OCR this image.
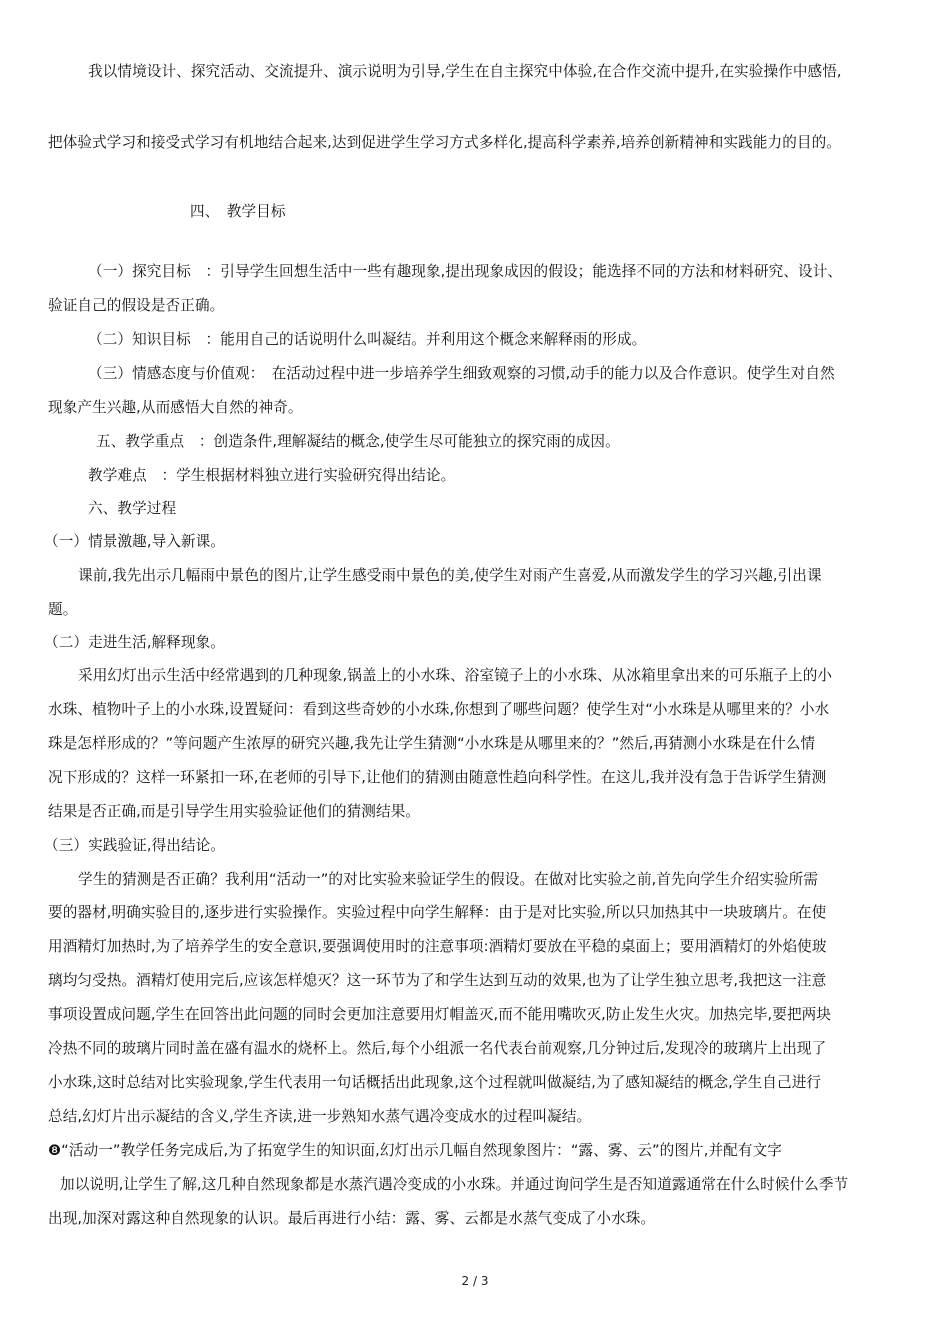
我以情境设计、探究活动、交流提升、演示说明为引导,学生在自主探究中体验,在合作交流中提升,在实验操作中感悟,
把体验式学习和接受式学习有机地结合起来,达到促进学生学习方式多样化,提高科学素养,培养创新精神和实践能力的目的。
四、　教学目标
（一）探究目标　：引导学生回想生活中一些有趣现象,提出现象成因的假设；能选择不同的方法和材料研究、设计、
验证自己的假设是否正确。
（二）知识目标　：能用自己的话说明什么叫凝结。并利用这个概念来解释雨的形成。
（三）情感态度与价值观：　在活动过程中进一步培养学生细致观察的习惯,动手的能力以及合作意识。使学生对自然
现象产生兴趣,从而感悟大自然的神奇。
五、教学重点　：创造条件,理解凝结的概念,使学生尽可能独立的探究雨的成因。
教学难点　：学生根据材料独立进行实验研究得出结论。
六、教学过程
（一）情景激趣,导入新课。
课前,我先出示几幅雨中景色的图片,让学生感受雨中景色的美,使学生对雨产生喜爱,从而激发学生的学习兴趣,引出课
题。
（二）走进生活,解释现象。
采用幻灯出示生活中经常遇到的几种现象,锅盖上的小水珠、浴室镜子上的小水珠、从冰箱里拿出来的可乐瓶子上的小
水珠、植物叶子上的小水珠,设置疑问：看到这些奇妙的小水珠,你想到了哪些问题？使学生对“小水珠是从哪里来的？小水
珠是怎样形成的？”等问题产生浓厚的研究兴趣,我先让学生猜测“小水珠是从哪里来的？”然后,再猜测小水珠是在什么情
况下形成的？这样一环紧扣一环,在老师的引导下,让他们的猜测由随意性趋向科学性。在这儿,我并没有急于告诉学生猜测
结果是否正确,而是引导学生用实验验证他们的猜测结果。
（三）实践验证,得出结论。
学生的猜测是否正确？我利用“活动一”的对比实验来验证学生的假设。在做对比实验之前,首先向学生介绍实验所需
要的器材,明确实验目的,逐步进行实验操作。实验过程中向学生解释：由于是对比实验,所以只加热其中一块玻璃片。在使
用酒精灯加热时,为了培养学生的安全意识,要强调使用时的注意事项:酒精灯要放在平稳的桌面上；要用酒精灯的外焰使玻
璃均匀受热。酒精灯使用完后,应该怎样熄灭？这一环节为了和学生达到互动的效果,也为了让学生独立思考,我把这一注意
事项设置成问题,学生在回答出此问题的同时会更加注意要用灯帽盖灭,而不能用嘴吹灭,防止发生火灾。加热完毕,要把两块
冷热不同的玻璃片同时盖在盛有温水的烧杯上。然后,每个小组派一名代表台前观察,几分钟过后,发现冷的玻璃片上出现了
小水珠,这时总结对比实验现象,学生代表用一句话概括出此现象,这个过程就叫做凝结,为了感知凝结的概念,学生自己进行
总结,幻灯片出示凝结的含义,学生齐读,进一步熟知水蒸气遇冷变成水的过程叫凝结。
❽“活动一”教学任务完成后,为了拓宽学生的知识面,幻灯出示几幅自然现象图片：“露、雾、云”的图片,并配有文字
加以说明,让学生了解,这几种自然现象都是水蒸汽遇冷变成的小水珠。并通过询问学生是否知道露通常在什么时候什么季节
出现,加深对露这种自然现象的认识。最后再进行小结：露、雾、云都是水蒸气变成了小水珠。
2 / 3
